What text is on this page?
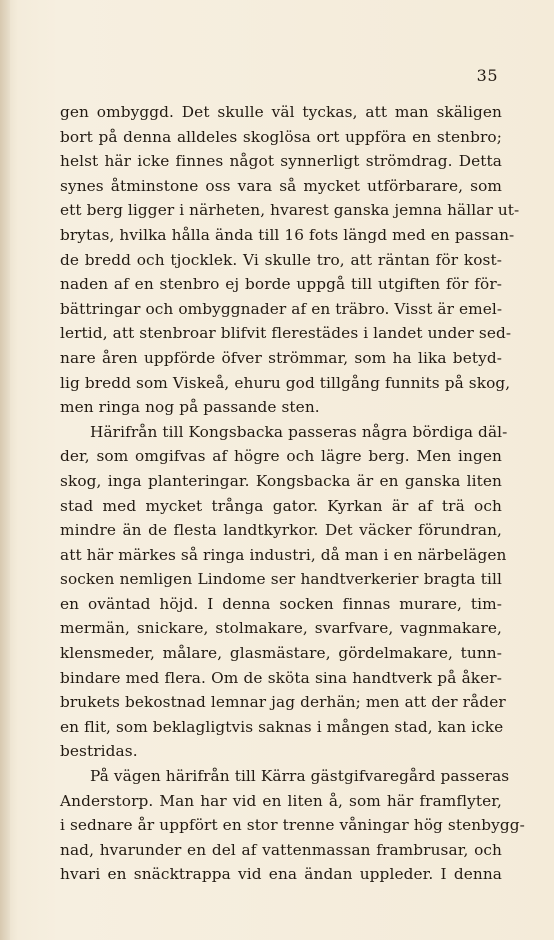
35
gen ombyggd. Det skulle väl tyckas, att man skäligen
bort på denna alldeles skoglösa ort uppföra en stenbro;
helst här icke finnes något synnerligt strömdrag. Detta
synes åtminstone oss vara så mycket utförbarare, som
ett berg ligger i närheten, hvarest ganska jemna hällar ut-
brytas, hvilka hålla ända till 16 fots längd med en passan-
de bredd och tjocklek. Vi skulle tro, att räntan för kost-
naden af en stenbro ej borde uppgå till utgiften för för-
bättringar och ombyggnader af en träbro. Visst är emel-
lertid, att stenbroar blifvit flerestädes i landet under sed-
nare åren uppförde öfver strömmar, som ha lika betyd-
lig bredd som Viskeå, ehuru god tillgång funnits på skog,
men ringa nog på passande sten.
Härifrån till Kongsbacka passeras några bördiga däl-
der, som omgifvas af högre och lägre berg. Men ingen
skog, inga planteringar. Kongsbacka är en ganska liten
stad med mycket trånga gator. Kyrkan är af trä och
mindre än de flesta landtkyrkor. Det väcker förundran,
att här märkes så ringa industri, då man i en närbelägen
socken nemligen Lindome ser handtverkerier bragta till
en oväntad höjd. I denna socken finnas murare, tim-
mermän, snickare, stolmakare, svarfvare, vagnmakare,
klensmeder, målare, glasmästare, gördelmakare, tunn-
bindare med flera. Om de sköta sina handtverk på åker-
brukets bekostnad lemnar jag derhän; men att der råder
en flit, som beklagligtvis saknas i mången stad, kan icke
bestridas.
På vägen härifrån till Kärra gästgifvaregård passeras
Anderstorp. Man har vid en liten å, som här framflyter,
i sednare år uppfört en stor trenne våningar hög stenbygg-
nad, hvarunder en del af vattenmassan frambrusar, och
hvari en snäcktrappa vid ena ändan uppleder. I denna
